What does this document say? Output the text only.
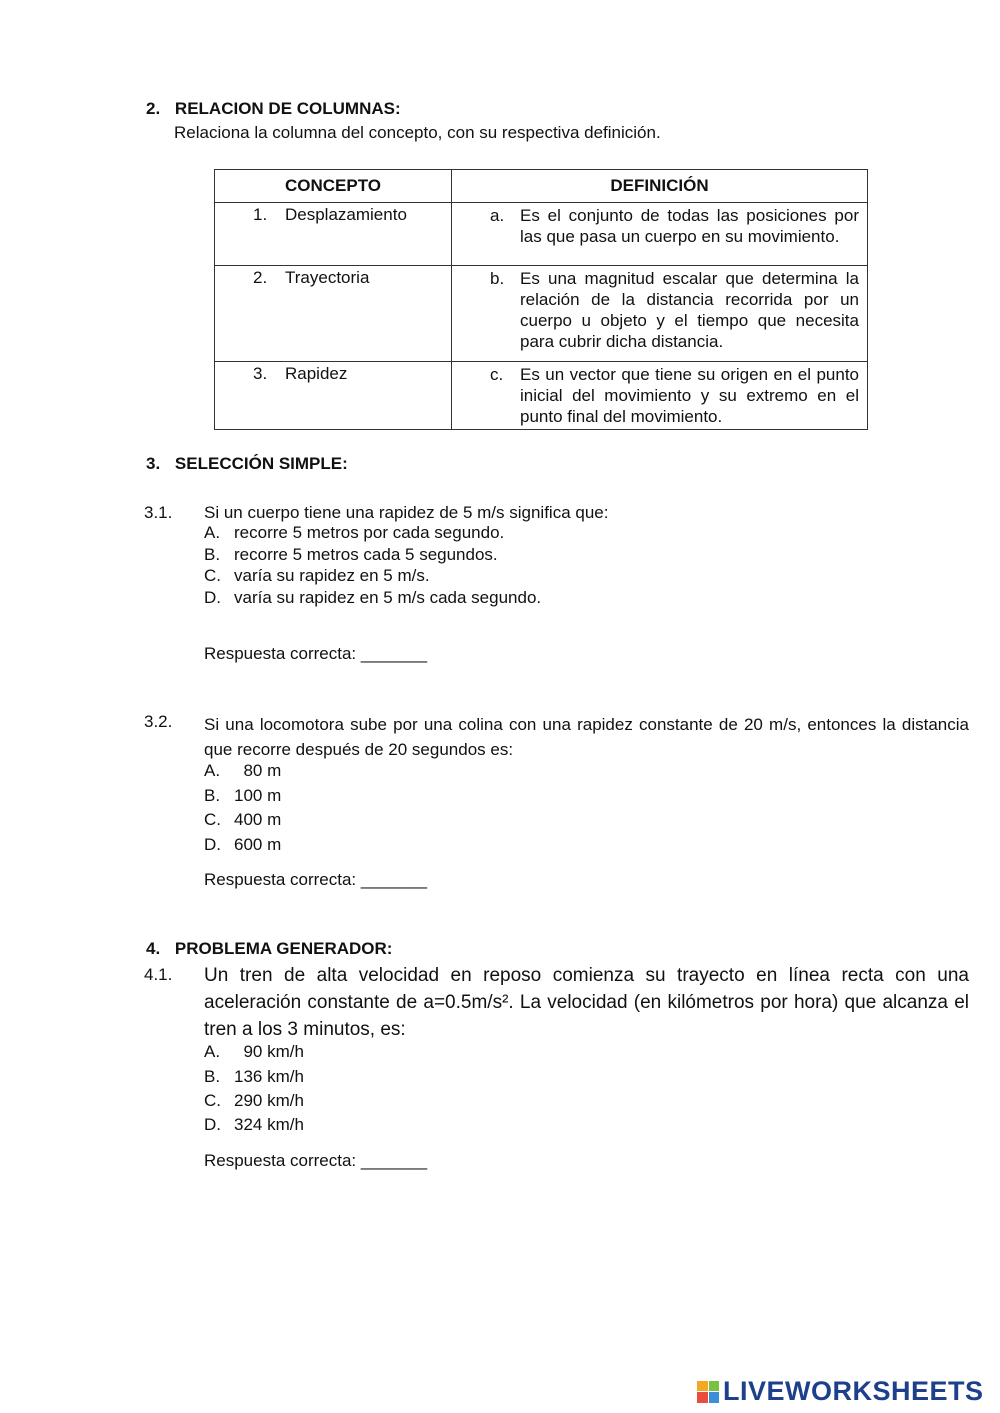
2. RELACION DE COLUMNAS:
Relaciona la columna del concepto, con su respectiva definición.
CONCEPTO	DEFINICIÓN

1. Desplazamiento	a. Es el conjunto de todas las posiciones por las que pasa un cuerpo en su movimiento.

2. Trayectoria	b. Es una magnitud escalar que determina la relación de la distancia recorrida por un cuerpo u objeto y el tiempo que necesita para cubrir dicha distancia.

3. Rapidez	c. Es un vector que tiene su origen en el punto inicial del movimiento y su extremo en el punto final del movimiento.
3. SELECCIÓN SIMPLE:
3.1. Si un cuerpo tiene una rapidez de 5 m/s significa que:
A. recorre 5 metros por cada segundo.
B. recorre 5 metros cada 5 segundos.
C. varía su rapidez en 5 m/s.
D. varía su rapidez en 5 m/s cada segundo.
Respuesta correcta: _______
3.2. Si una locomotora sube por una colina con una rapidez constante de 20 m/s, entonces la distancia que recorre después de 20 segundos es:
A. 80 m
B. 100 m
C. 400 m
D. 600 m
Respuesta correcta: _______
4. PROBLEMA GENERADOR:
4.1. Un tren de alta velocidad en reposo comienza su trayecto en línea recta con una aceleración constante de a=0.5m/s². La velocidad (en kilómetros por hora) que alcanza el tren a los 3 minutos, es:
A. 90 km/h
B. 136 km/h
C. 290 km/h
D. 324 km/h
Respuesta correcta: _______
LIVEWORKSHEETS
